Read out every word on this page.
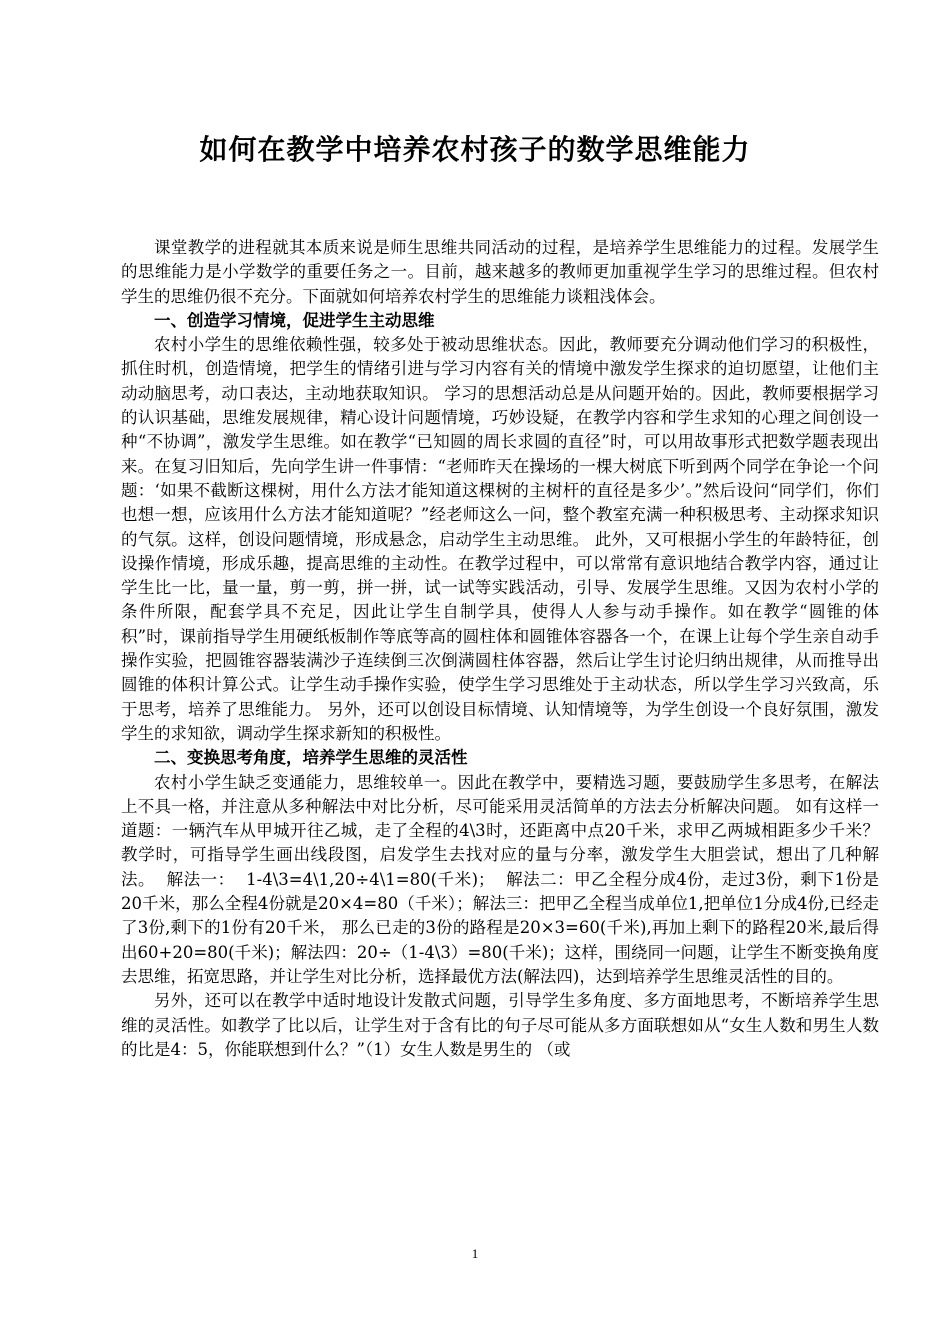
如何在教学中培养农村孩子的数学思维能力

课堂教学的进程就其本质来说是师生思维共同活动的过程，是培养学生思维能力的过程。发展学生的思维能力是小学数学的重要任务之一。目前，越来越多的教师更加重视学生学习的思维过程。但农村学生的思维仍很不充分。下面就如何培养农村学生的思维能力谈粗浅体会。

一、创造学习情境，促进学生主动思维

农村小学生的思维依赖性强，较多处于被动思维状态。因此，教师要充分调动他们学习的积极性，抓住时机，创造情境，把学生的情绪引进与学习内容有关的情境中激发学生探求的迫切愿望，让他们主动动脑思考，动口表达，主动地获取知识。 学习的思想活动总是从问题开始的。因此，教师要根据学习的认识基础，思维发展规律，精心设计问题情境，巧妙设疑，在教学内容和学生求知的心理之间创设一种“不协调”，激发学生思维。如在教学“已知圆的周长求圆的直径”时，可以用故事形式把数学题表现出来。在复习旧知后，先向学生讲一件事情：“老师昨天在操场的一棵大树底下听到两个同学在争论一个问题：‘如果不截断这棵树，用什么方法才能知道这棵树的主树杆的直径是多少’。”然后设问“同学们，你们也想一想，应该用什么方法才能知道呢？”经老师这么一问，整个教室充满一种积极思考、主动探求知识的气氛。这样，创设问题情境，形成悬念，启动学生主动思维。 此外，又可根据小学生的年龄特征，创设操作情境，形成乐趣，提高思维的主动性。在教学过程中，可以常常有意识地结合教学内容，通过让学生比一比，量一量，剪一剪，拼一拼，试一试等实践活动，引导、发展学生思维。又因为农村小学的条件所限，配套学具不充足，因此让学生自制学具，使得人人参与动手操作。如在教学“圆锥的体积”时，课前指导学生用硬纸板制作等底等高的圆柱体和圆锥体容器各一个，在课上让每个学生亲自动手操作实验，把圆锥容器装满沙子连续倒三次倒满圆柱体容器，然后让学生讨论归纳出规律，从而推导出圆锥的体积计算公式。让学生动手操作实验，使学生学习思维处于主动状态，所以学生学习兴致高，乐于思考，培养了思维能力。 另外，还可以创设目标情境、认知情境等，为学生创设一个良好氛围，激发学生的求知欲，调动学生探求新知的积极性。

二、变换思考角度，培养学生思维的灵活性

农村小学生缺乏变通能力，思维较单一。因此在教学中，要精选习题，要鼓励学生多思考，在解法上不具一格，并注意从多种解法中对比分析，尽可能采用灵活简单的方法去分析解决问题。 如有这样一道题：一辆汽车从甲城开往乙城，走了全程的4\3时，还距离中点20千米，求甲乙两城相距多少千米？  教学时，可指导学生画出线段图，启发学生去找对应的量与分率，激发学生大胆尝试，想出了几种解法。  解法一：  1-4\3=4\1,20÷4\1=80(千米)；  解法二：甲乙全程分成4份，走过3份，剩下1份是20千米，那么全程4份就是20×4=80（千米）；解法三：把甲乙全程当成单位1,把单位1分成4份,已经走了3份,剩下的1份有20千米， 那么已走的3份的路程是20×3=60(千米),再加上剩下的路程20米,最后得出60+20=80(千米)；解法四：20÷（1-4\3）=80(千米)；这样，围绕同一问题，让学生不断变换角度去思维，拓宽思路，并让学生对比分析，选择最优方法(解法四)，达到培养学生思维灵活性的目的。

另外，还可以在教学中适时地设计发散式问题，引导学生多角度、多方面地思考，不断培养学生思维的灵活性。如教学了比以后，让学生对于含有比的句子尽可能从多方面联想如从“女生人数和男生人数的比是4：5，你能联想到什么？”（1）女生人数是男生的 （或

1
